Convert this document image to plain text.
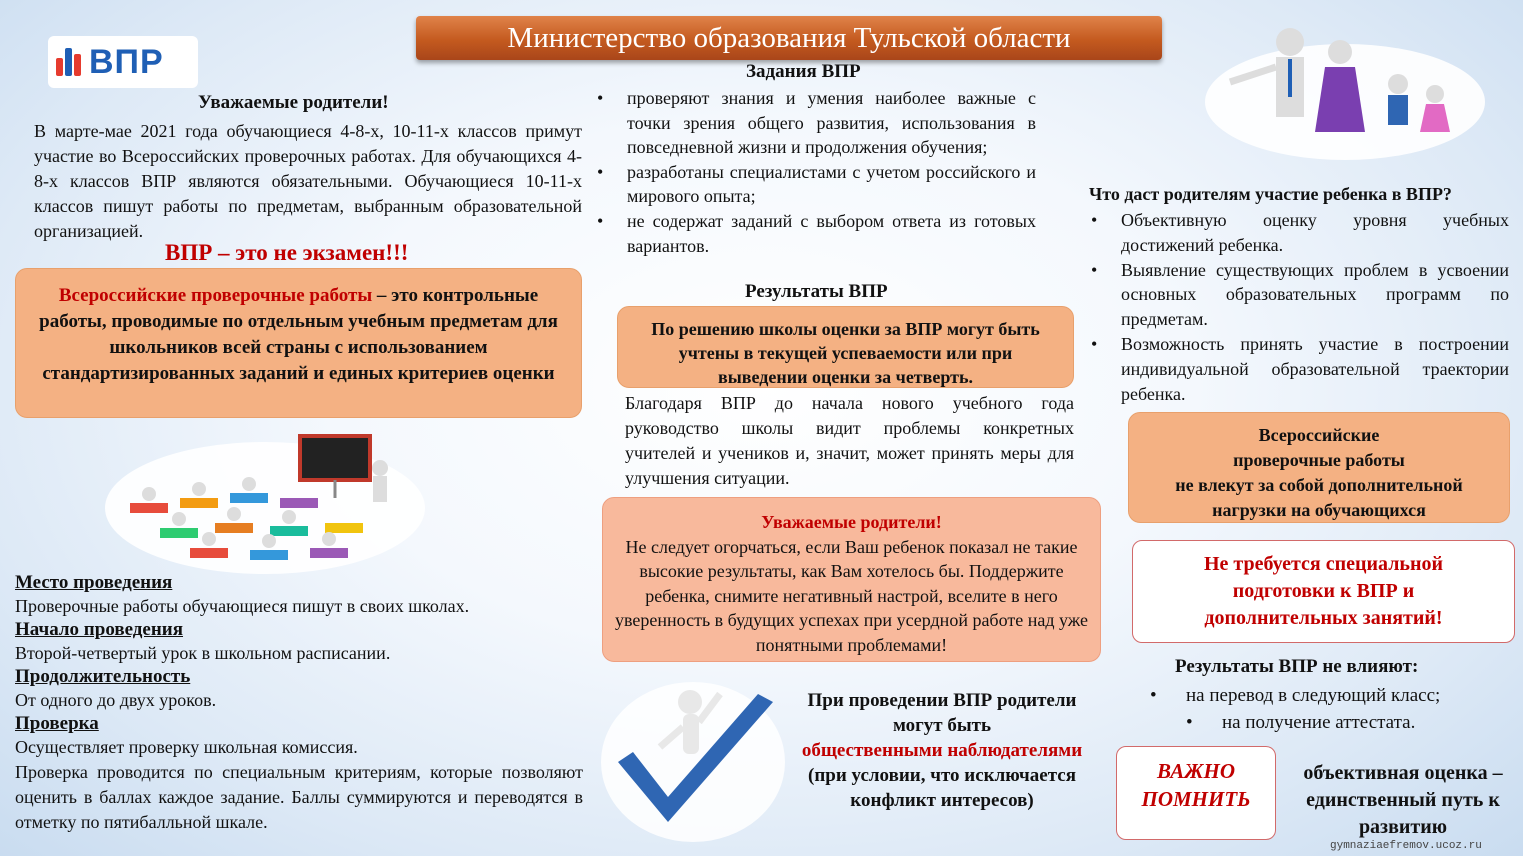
Министерство образования Тульской области
ВПР
Уважаемые родители!

В марте-мае 2021 года обучающиеся 4-8-х, 10-11-х классов примут участие во Всероссийских проверочных работах. Для обучающихся 4-8-х классов ВПР являются обязательными. Обучающиеся 10-11-х классов пишут работы по предметам, выбранным образовательной организацией.

ВПР – это не экзамен!!!
Всероссийские проверочные работы – это контрольные работы, проводимые по отдельным учебным предметам для школьников всей страны с использованием стандартизированных заданий и единых критериев оценки
Место проведения
Проверочные работы обучающиеся пишут в своих школах.
Начало проведения
Второй-четвертый урок в школьном расписании.
Продолжительность
От одного до двух уроков.
Проверка
Осуществляет проверку школьная комиссия.
Проверка проводится по специальным критериям, которые позволяют оценить в баллах каждое задание. Баллы суммируются и переводятся в отметку по пятибалльной шкале.
Задания ВПР
• проверяют знания и умения наиболее важные с точки зрения общего развития, использования в повседневной жизни и продолжения обучения;
• разработаны специалистами с учетом российского и мирового опыта;
• не содержат заданий с выбором ответа из готовых вариантов.
Результаты ВПР
По решению школы оценки за ВПР могут быть учтены в текущей успеваемости или при выведении оценки за четверть.

Благодаря ВПР до начала нового учебного года руководство школы видит проблемы конкретных учителей и учеников и, значит, может принять меры для улучшения ситуации.

Уважаемые родители!
Не следует огорчаться, если Ваш ребенок показал не такие высокие результаты, как Вам хотелось бы. Поддержите ребенка, снимите негативный настрой, вселите в него уверенность в будущих успехах при усердной работе над уже понятными проблемами!
При проведении ВПР родители могут быть
общественными наблюдателями
(при условии, что исключается конфликт интересов)
Что даст родителям участие ребенка в ВПР?
• Объективную оценку уровня учебных достижений ребенка.
• Выявление существующих проблем в усвоении основных образовательных программ по предметам.
• Возможность принять участие в построении индивидуальной образовательной траектории ребенка.
Всероссийские
проверочные работы
не влекут за собой дополнительной нагрузки на обучающихся
Не требуется специальной подготовки к ВПР и дополнительных занятий!
Результаты ВПР не влияют:
• на перевод в следующий класс;
• на получение аттестата.
ВАЖНО ПОМНИТЬ
объективная оценка – единственный путь к развитию
gymnaziaefremov.ucoz.ru
